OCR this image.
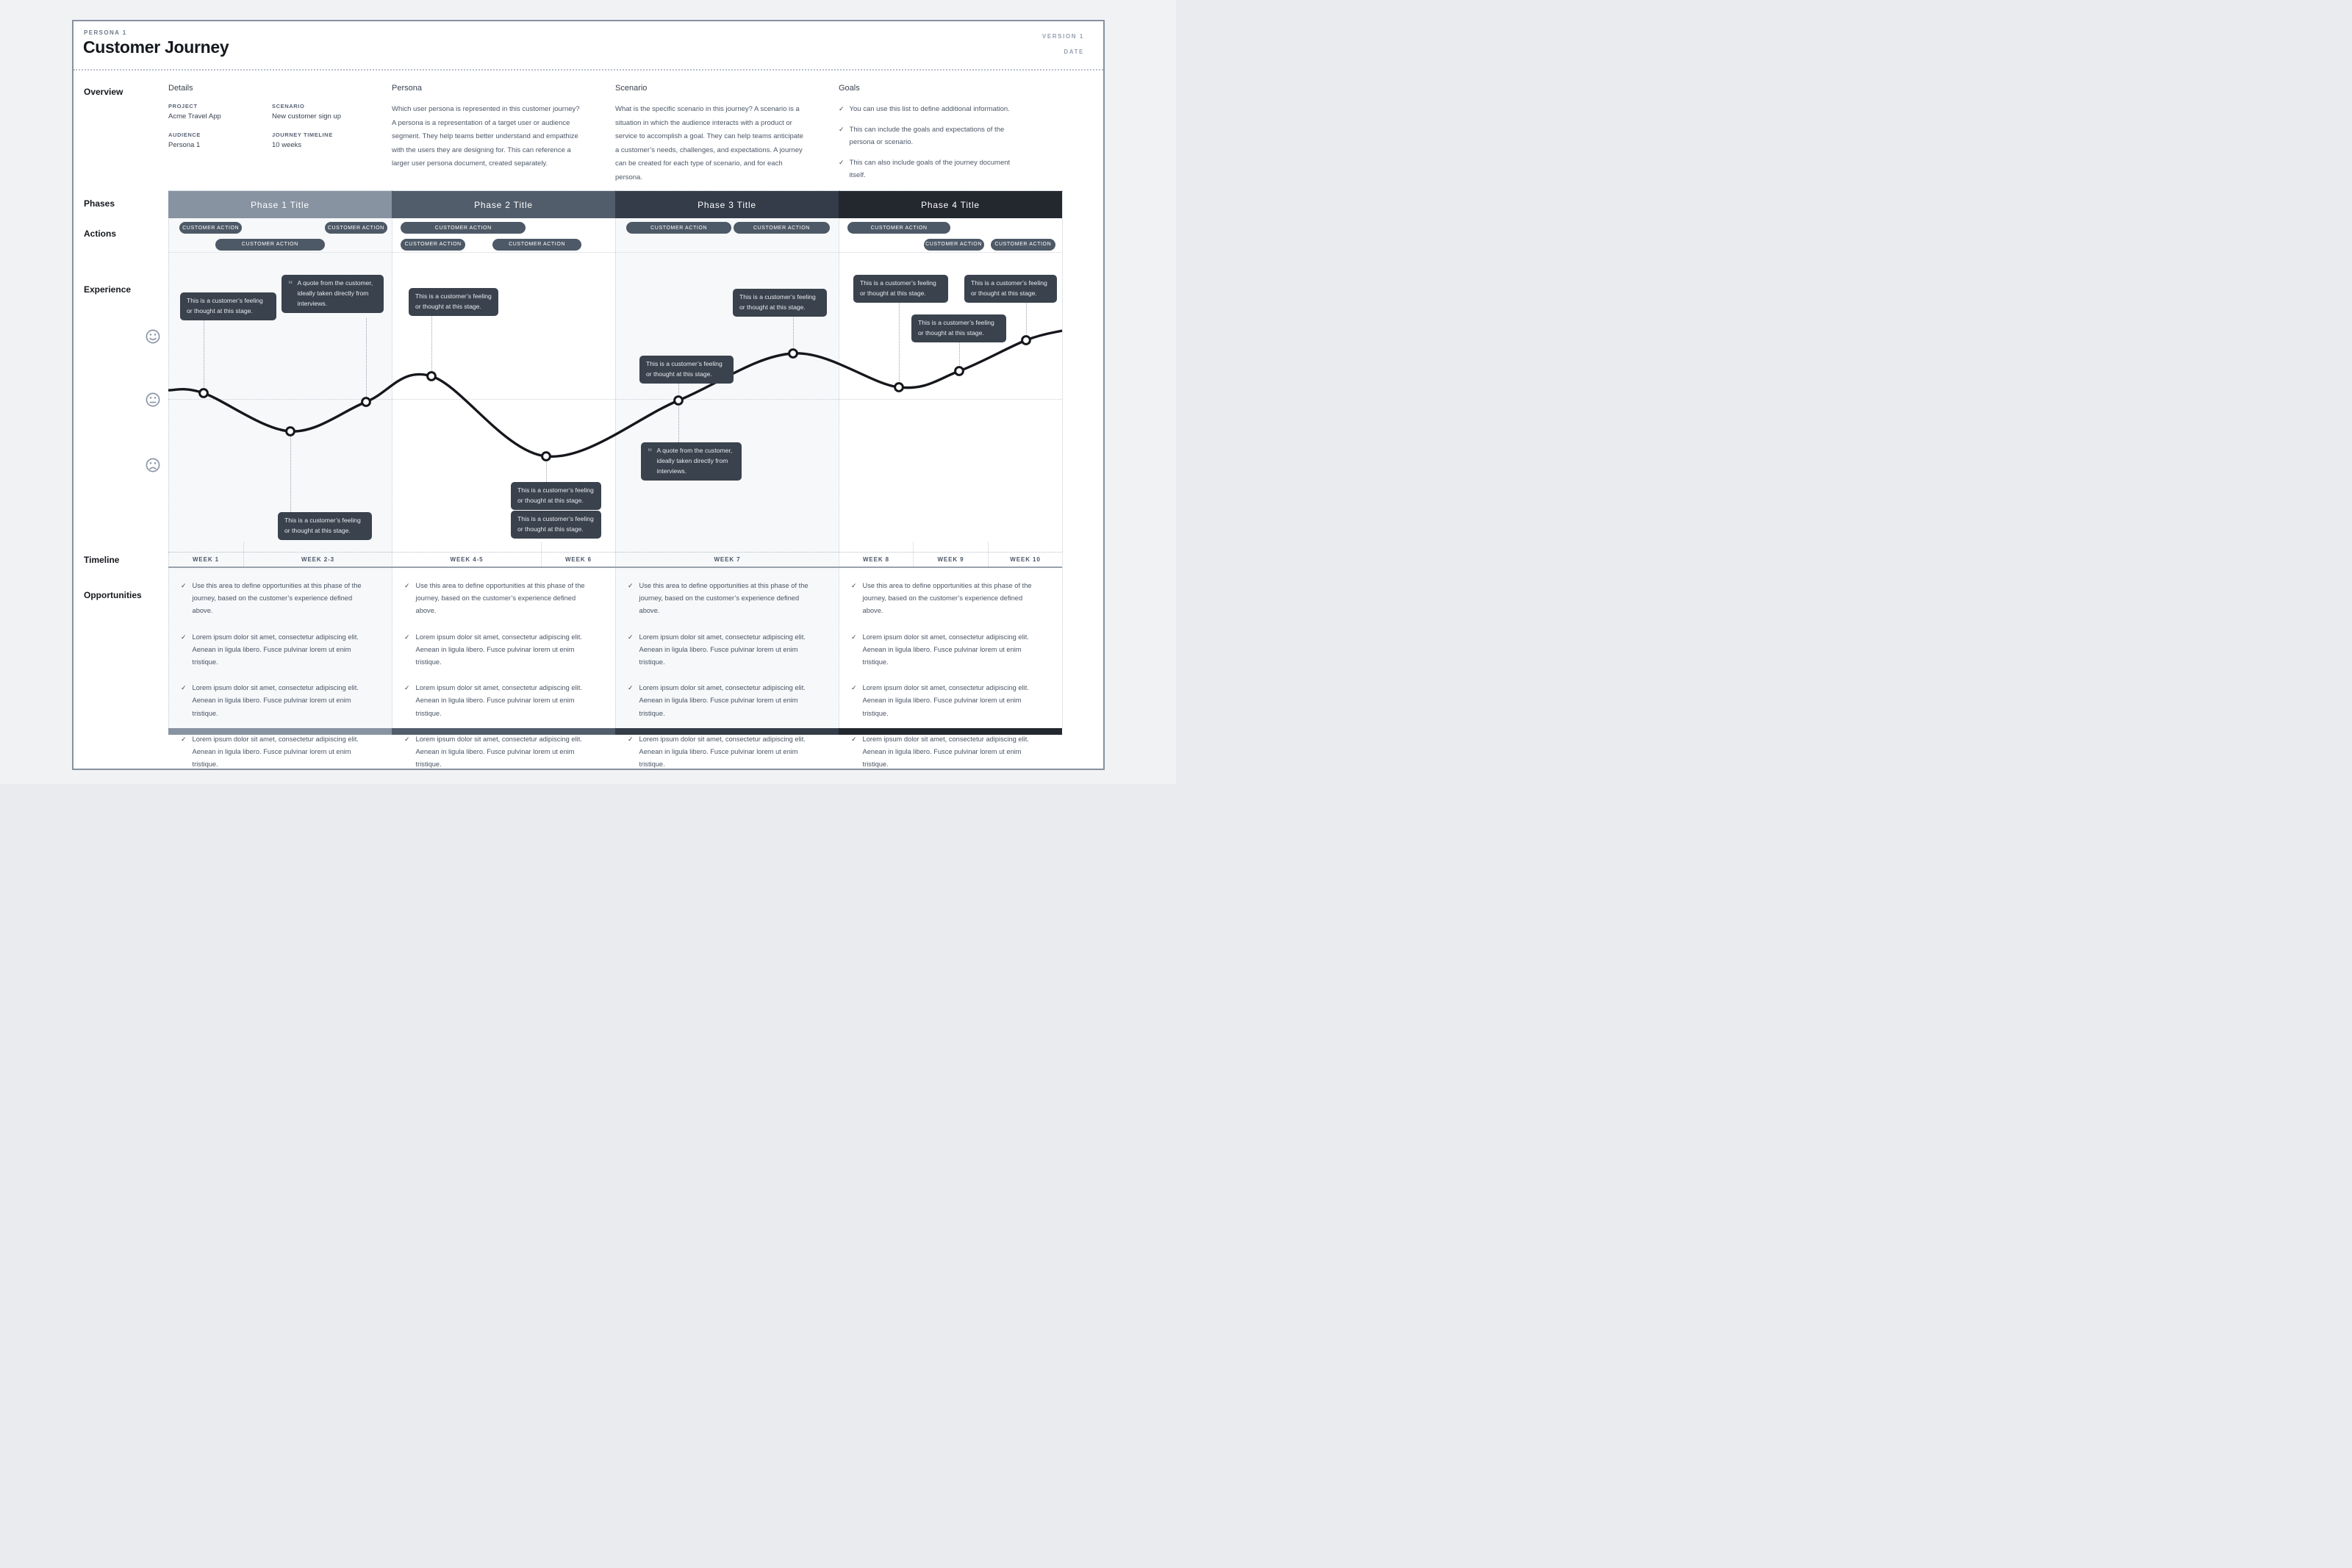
PERSONA 1
Customer Journey
VERSION 1
DATE
Overview
Phases
Actions
Experience
Timeline
Opportunities
Details
PROJECT
Acme Travel App
SCENARIO
New customer sign up
AUDIENCE
Persona 1
JOURNEY TIMELINE
10 weeks
Persona
Which user persona is represented in this customer journey? A persona is a representation of a target user or audience segment. They help teams better understand and empathize with the users they are designing for. This can reference a larger user persona document, created separately.
Scenario
What is the specific scenario in this journey? A scenario is a situation in which the audience interacts with a product or service to accomplish a goal. They can help teams anticipate a customer’s needs, challenges, and expectations. A journey can be created for each type of scenario, and for each persona.
Goals
✓ You can use this list to define additional information.
✓ This can include the goals and expectations of the persona or scenario.
✓ This can also include goals of the journey document itself.
Phase 1 Title	Phase 2 Title	Phase 3 Title	Phase 4 Title
WEEK 1	WEEK 2-3	WEEK 4-5	WEEK 6	WEEK 7	WEEK 8	WEEK 9	WEEK 10
✓ Use this area to define opportunities at this phase of the journey, based on the customer’s experience defined above.
✓ Lorem ipsum dolor sit amet, consectetur adipiscing elit. Aenean in ligula libero. Fusce pulvinar lorem ut enim tristique.
✓ Lorem ipsum dolor sit amet, consectetur adipiscing elit. Aenean in ligula libero. Fusce pulvinar lorem ut enim tristique.
✓ Lorem ipsum dolor sit amet, consectetur adipiscing elit. Aenean in ligula libero. Fusce pulvinar lorem ut enim tristique.
✓ Use this area to define opportunities at this phase of the journey, based on the customer’s experience defined above.
✓ Lorem ipsum dolor sit amet, consectetur adipiscing elit. Aenean in ligula libero. Fusce pulvinar lorem ut enim tristique.
✓ Lorem ipsum dolor sit amet, consectetur adipiscing elit. Aenean in ligula libero. Fusce pulvinar lorem ut enim tristique.
✓ Lorem ipsum dolor sit amet, consectetur adipiscing elit. Aenean in ligula libero. Fusce pulvinar lorem ut enim tristique.
✓ Use this area to define opportunities at this phase of the journey, based on the customer’s experience defined above.
✓ Lorem ipsum dolor sit amet, consectetur adipiscing elit. Aenean in ligula libero. Fusce pulvinar lorem ut enim tristique.
✓ Lorem ipsum dolor sit amet, consectetur adipiscing elit. Aenean in ligula libero. Fusce pulvinar lorem ut enim tristique.
✓ Lorem ipsum dolor sit amet, consectetur adipiscing elit. Aenean in ligula libero. Fusce pulvinar lorem ut enim tristique.
✓ Use this area to define opportunities at this phase of the journey, based on the customer’s experience defined above.
✓ Lorem ipsum dolor sit amet, consectetur adipiscing elit. Aenean in ligula libero. Fusce pulvinar lorem ut enim tristique.
✓ Lorem ipsum dolor sit amet, consectetur adipiscing elit. Aenean in ligula libero. Fusce pulvinar lorem ut enim tristique.
✓ Lorem ipsum dolor sit amet, consectetur adipiscing elit. Aenean in ligula libero. Fusce pulvinar lorem ut enim tristique.
This is a customer’s feeling or thought at this stage.
“ A quote from the customer, ideally taken directly from interviews.
This is a customer’s feeling or thought at this stage.
This is a customer’s feeling or thought at this stage.
This is a customer’s feeling or thought at this stage.
This is a customer’s feeling or thought at this stage.
This is a customer’s feeling or thought at this stage.
“ A quote from the customer, ideally taken directly from interviews.
This is a customer’s feeling or thought at this stage.
This is a customer’s feeling or thought at this stage.
This is a customer’s feeling or thought at this stage.
This is a customer’s feeling or thought at this stage.
CUSTOMER ACTION	CUSTOMER ACTION
CUSTOMER ACTION
CUSTOMER ACTION
CUSTOMER ACTION	CUSTOMER ACTION
CUSTOMER ACTION	CUSTOMER ACTION	CUSTOMER ACTION
CUSTOMER ACTION	CUSTOMER ACTION
